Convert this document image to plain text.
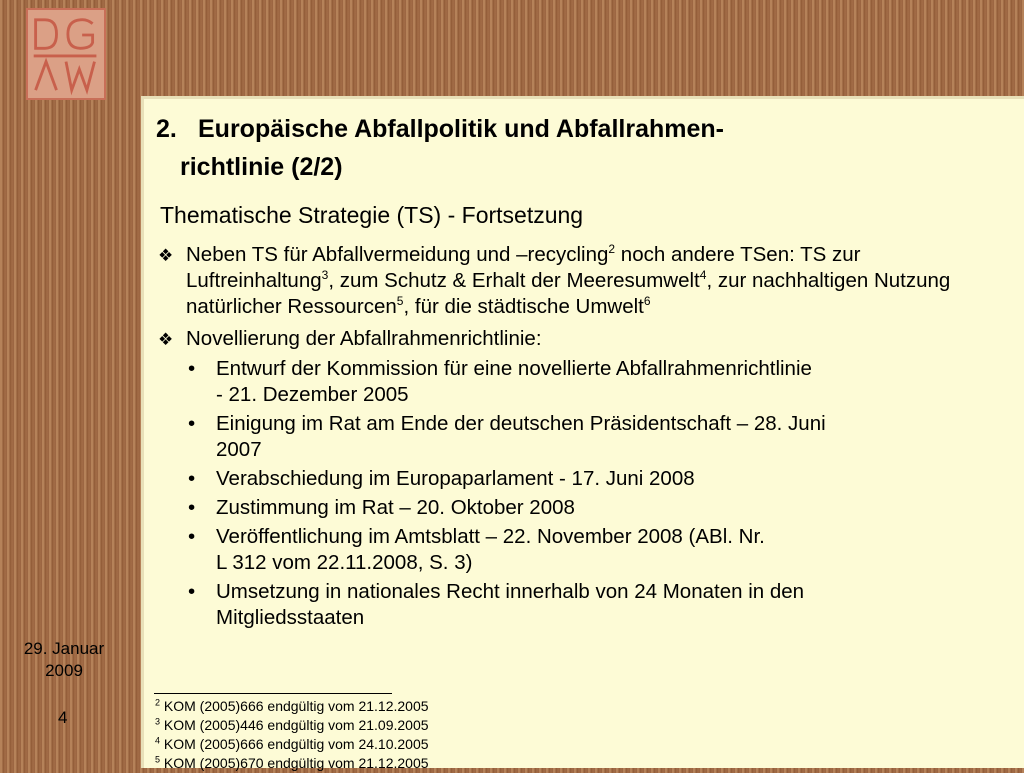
2. Europäische Abfallpolitik und Abfallrahmen-
richtlinie (2/2)
Thematische Strategie (TS) - Fortsetzung
❖ Neben TS für Abfallvermeidung und –recycling$^2$ noch andere TSen: TS zur Luftreinhaltung$^3$, zum Schutz & Erhalt der Meeresumwelt$^4$, zur nachhaltigen Nutzung natürlicher Ressourcen$^5$, für die städtische Umwelt$^6$
❖ Novellierung der Abfallrahmenrichtlinie:
• Entwurf der Kommission für eine novellierte Abfallrahmenrichtlinie
- 21. Dezember 2005
• Einigung im Rat am Ende der deutschen Präsidentschaft – 28. Juni
2007
• Verabschiedung im Europaparlament - 17. Juni 2008
• Zustimmung im Rat – 20. Oktober 2008
• Veröffentlichung im Amtsblatt – 22. November 2008 (ABl. Nr.
L 312 vom 22.11.2008, S. 3)
• Umsetzung in nationales Recht innerhalb von 24 Monaten in den
Mitgliedsstaaten
$^2$ KOM (2005)666 endgültig vom 21.12.2005
$^3$ KOM (2005)446 endgültig vom 21.09.2005
$^4$ KOM (2005)666 endgültig vom 24.10.2005
$^5$ KOM (2005)670 endgültig vom 21.12.2005
29. Januar
2009
4
